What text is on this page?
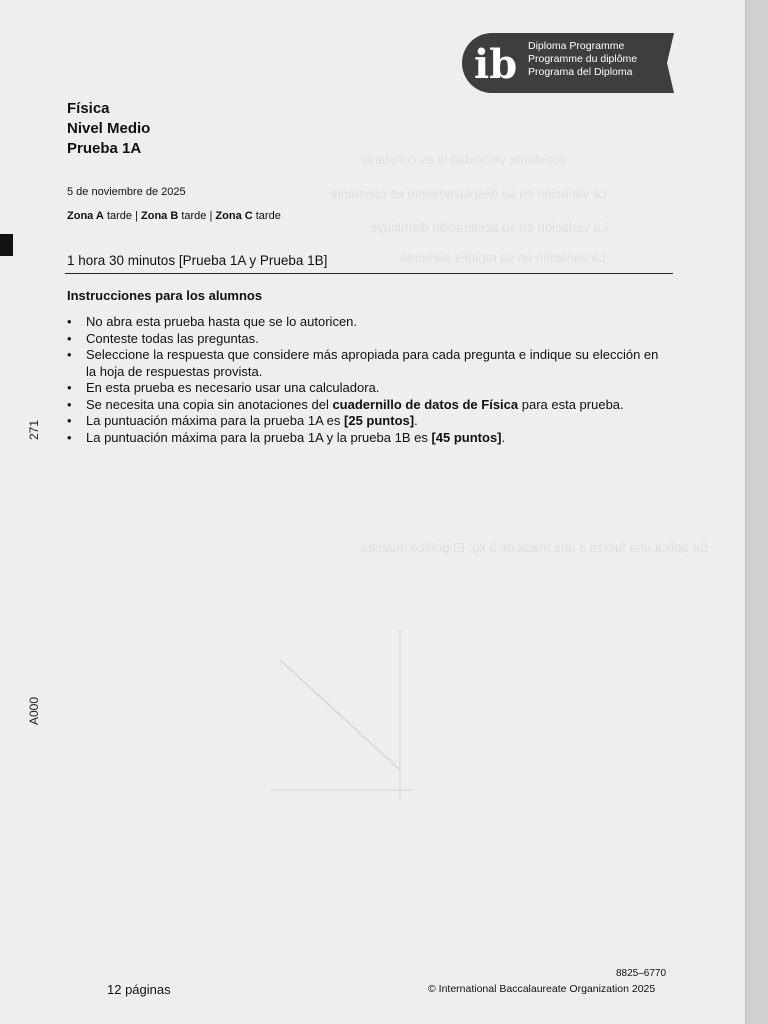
constante velocidad la es constante
La variación en su desplazamiento es constante
La variación en su aceleración disminuye
La variación en su rapidez aumenta
Se aplica una fuerza a una masa de 3 kg. El gráfico muestra
271
A000
ib Diploma Programme
Programme du diplôme
Programa del Diploma
Física
Nivel Medio
Prueba 1A
5 de noviembre de 2025
Zona A tarde | Zona B tarde | Zona C tarde
1 hora 30 minutos [Prueba 1A y Prueba 1B]
Instrucciones para los alumnos
• No abra esta prueba hasta que se lo autoricen.
• Conteste todas las preguntas.
• Seleccione la respuesta que considere más apropiada para cada pregunta e indique su elección en la hoja de respuestas provista.
• En esta prueba es necesario usar una calculadora.
• Se necesita una copia sin anotaciones del cuadernillo de datos de Física para esta prueba.
• La puntuación máxima para la prueba 1A es [25 puntos].
• La puntuación máxima para la prueba 1A y la prueba 1B es [45 puntos].
12 páginas
8825–6770
© International Baccalaureate Organization 2025
